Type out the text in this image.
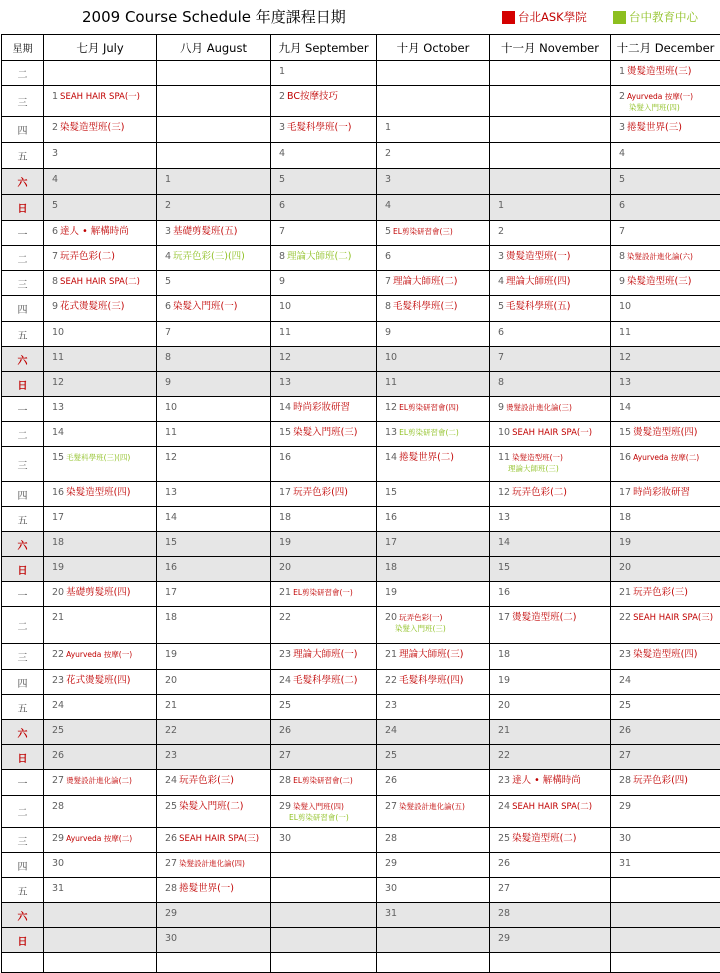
2009 Course Schedule 年度課程日期	台北ASK學院	台中教育中心
星期	七月 July	八月 August	九月 September	十月 October	十一月 November	十二月 December
二			1			1 燙髮造型班(三)

三	1 SEAH HAIR SPA(一)		2 BC按摩技巧			2 Ayurveda 按摩(一)
染髮入門班(四)

四	2 染髮造型班(三)		3 毛髮科學班(一)	1		3 捲髮世界(三)

五	3		4	2		4

六	4	1	5	3		5

日	5	2	6	4	1	6

一	6 達人 • 解構時尚	3 基礎剪髮班(五)	7	5 EL剪染研習會(三)	2	7

二	7 玩弄色彩(二)	4 玩弄色彩(三)(四)	8 理論大師班(二)	6	3 燙髮造型班(一)	8 染髮設計進化論(六)

三	8 SEAH HAIR SPA(二)	5	9	7 理論大師班(二)	4 理論大師班(四)	9 染髮造型班(三)

四	9 花式燙髮班(三)	6 染髮入門班(一)	10	8 毛髮科學班(三)	5 毛髮科學班(五)	10

五	10	7	11	9	6	11

六	11	8	12	10	7	12

日	12	9	13	11	8	13

一	13	10	14 時尚彩妝研習	12 EL剪染研習會(四)	9 燙髮設計進化論(三)	14

二	14	11	15 染髮入門班(三)	13 EL剪染研習會(二)	10 SEAH HAIR SPA(一)	15 燙髮造型班(四)

三	15 毛髮科學班(三)(四)	12	16	14 捲髮世界(二)	11 染髮造型班(一)
理論大師班(三)	16 Ayurveda 按摩(二)

四	16 染髮造型班(四)	13	17 玩弄色彩(四)	15	12 玩弄色彩(二)	17 時尚彩妝研習

五	17	14	18	16	13	18

六	18	15	19	17	14	19

日	19	16	20	18	15	20

一	20 基礎剪髮班(四)	17	21 EL剪染研習會(一)	19	16	21 玩弄色彩(三)

二	21	18	22	20 玩弄色彩(一)
染髮入門班(三)	17 燙髮造型班(二)	22 SEAH HAIR SPA(三)

三	22 Ayurveda 按摩(一)	19	23 理論大師班(一)	21 理論大師班(三)	18	23 染髮造型班(四)

四	23 花式燙髮班(四)	20	24 毛髮科學班(二)	22 毛髮科學班(四)	19	24

五	24	21	25	23	20	25

六	25	22	26	24	21	26

日	26	23	27	25	22	27

一	27 燙髮設計進化論(二)	24 玩弄色彩(三)	28 EL剪染研習會(二)	26	23 達人 • 解構時尚	28 玩弄色彩(四)

二	28	25 染髮入門班(二)	29 染髮入門班(四)
EL剪染研習會(一)	27 染髮設計進化論(五)	24 SEAH HAIR SPA(二)	29

三	29 Ayurveda 按摩(二)	26 SEAH HAIR SPA(三)	30	28	25 染髮造型班(二)	30

四	30	27 染髮設計進化論(四)		29	26	31

五	31	28 捲髮世界(一)		30	27	

六		29		31	28	

日		30			29	
